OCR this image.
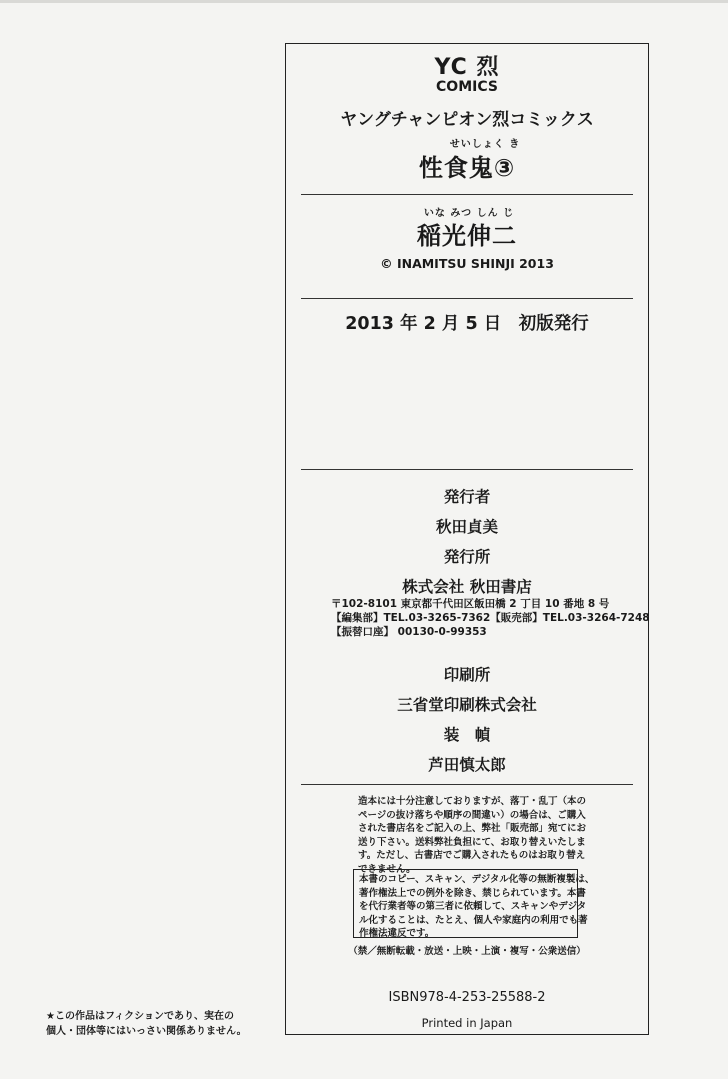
YC 烈
COMICS
ヤングチャンピオン烈コミックス
せいしょく き
性食鬼③
いな みつ しん じ
稲光伸二
© INAMITSU SHINJI 2013
2013 年 2 月 5 日　初版発行
発行者
秋田貞美
発行所
株式会社 秋田書店
〒102-8101 東京都千代田区飯田橋 2 丁目 10 番地 8 号
【編集部】TEL.03-3265-7362【販売部】TEL.03-3264-7248
【振替口座】 00130-0-99353
印刷所
三省堂印刷株式会社
装　幀
芦田慎太郎
造本には十分注意しておりますが、落丁・乱丁（本の
ページの抜け落ちや順序の間違い）の場合は、ご購入
された書店名をご記入の上、弊社「販売部」宛てにお
送り下さい。送料弊社負担にて、お取り替えいたしま
す。ただし、古書店でご購入されたものはお取り替え
できません。
本書のコピー、スキャン、デジタル化等の無断複製は、
著作権法上での例外を除き、禁じられています。本書
を代行業者等の第三者に依頼して、スキャンやデジタ
ル化することは、たとえ、個人や家庭内の利用でも著
作権法違反です。
（禁／無断転載・放送・上映・上演・複写・公衆送信）
ISBN978-4-253-25588-2
Printed in Japan
★この作品はフィクションであり、実在の
個人・団体等にはいっさい関係ありません。
